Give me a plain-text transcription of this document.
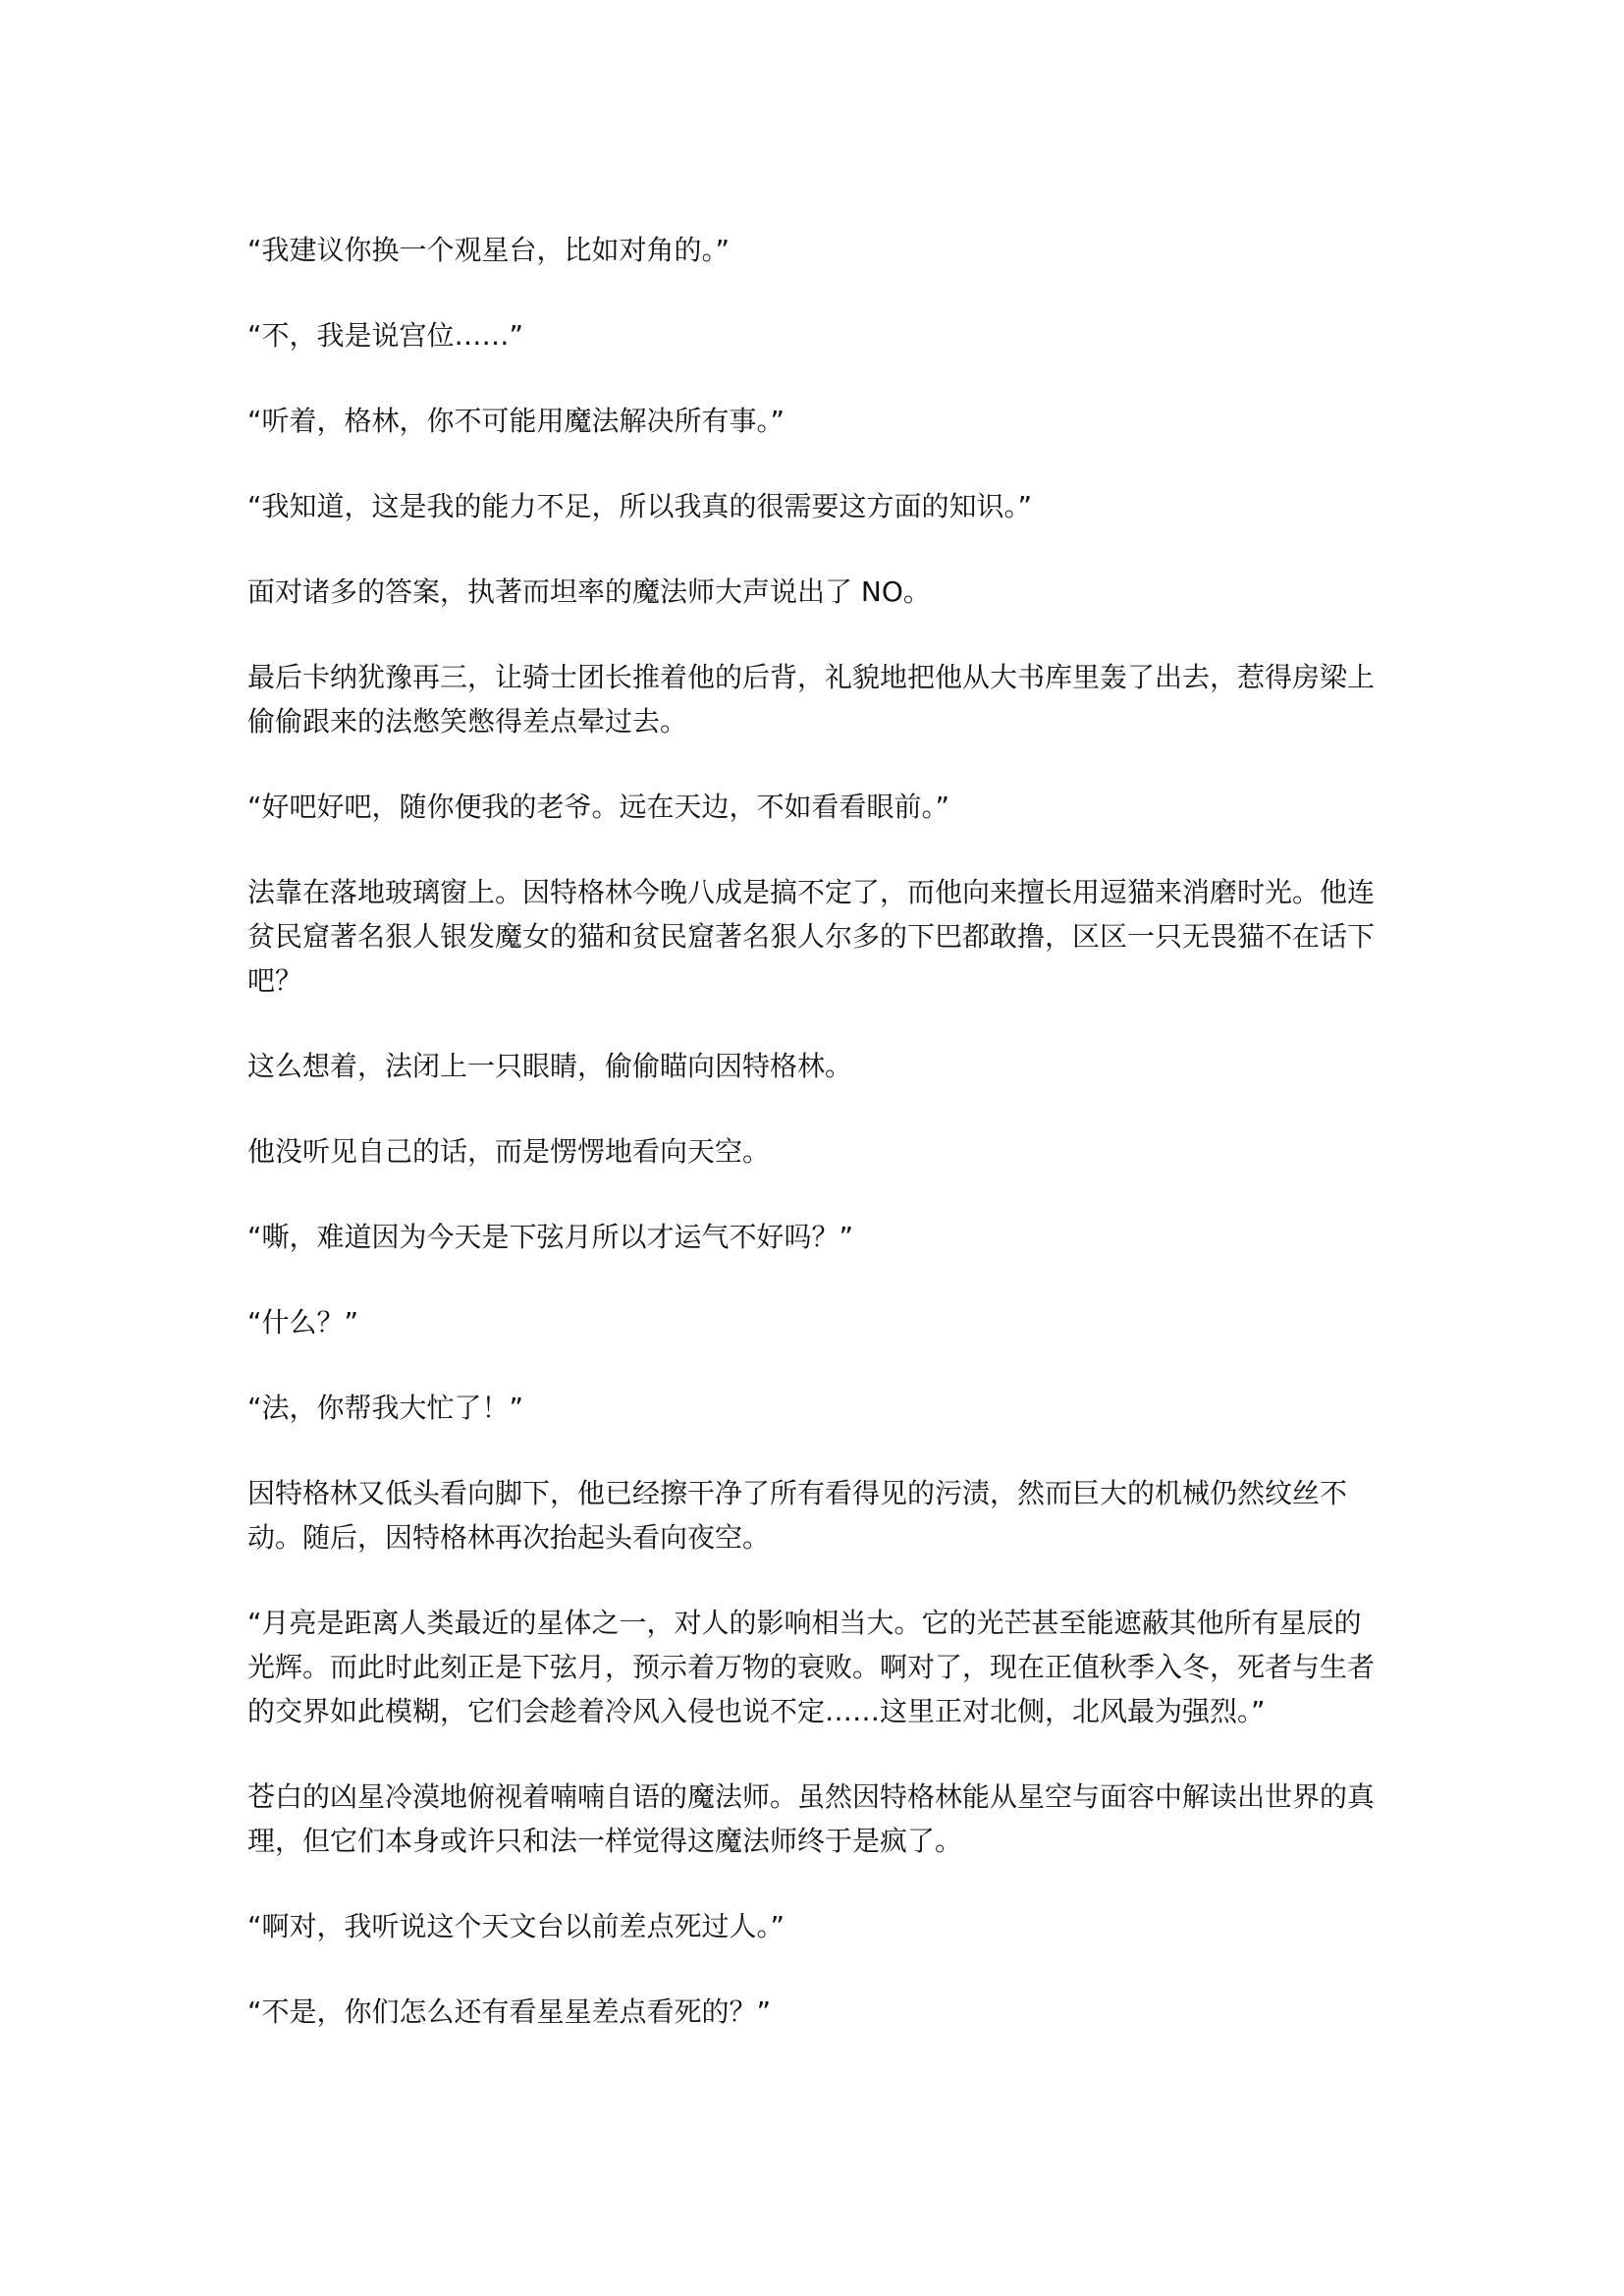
“我建议你换一个观星台，比如对角的。”

“不，我是说宫位……”

“听着，格林，你不可能用魔法解决所有事。”

“我知道，这是我的能力不足，所以我真的很需要这方面的知识。”

面对诸多的答案，执著而坦率的魔法师大声说出了 NO。

最后卡纳犹豫再三，让骑士团长推着他的后背，礼貌地把他从大书库里轰了出去，惹得房梁上偷偷跟来的法憋笑憋得差点晕过去。

“好吧好吧，随你便我的老爷。远在天边，不如看看眼前。”

法靠在落地玻璃窗上。因特格林今晚八成是搞不定了，而他向来擅长用逗猫来消磨时光。他连贫民窟著名狠人银发魔女的猫和贫民窟著名狠人尔多的下巴都敢撸，区区一只无畏猫不在话下吧？

这么想着，法闭上一只眼睛，偷偷瞄向因特格林。

他没听见自己的话，而是愣愣地看向天空。

“嘶，难道因为今天是下弦月所以才运气不好吗？”

“什么？”

“法，你帮我大忙了！”

因特格林又低头看向脚下，他已经擦干净了所有看得见的污渍，然而巨大的机械仍然纹丝不动。随后，因特格林再次抬起头看向夜空。

“月亮是距离人类最近的星体之一，对人的影响相当大。它的光芒甚至能遮蔽其他所有星辰的光辉。而此时此刻正是下弦月，预示着万物的衰败。啊对了，现在正值秋季入冬，死者与生者的交界如此模糊，它们会趁着冷风入侵也说不定……这里正对北侧，北风最为强烈。”

苍白的凶星冷漠地俯视着喃喃自语的魔法师。虽然因特格林能从星空与面容中解读出世界的真理，但它们本身或许只和法一样觉得这魔法师终于是疯了。

“啊对，我听说这个天文台以前差点死过人。”

“不是，你们怎么还有看星星差点看死的？”
